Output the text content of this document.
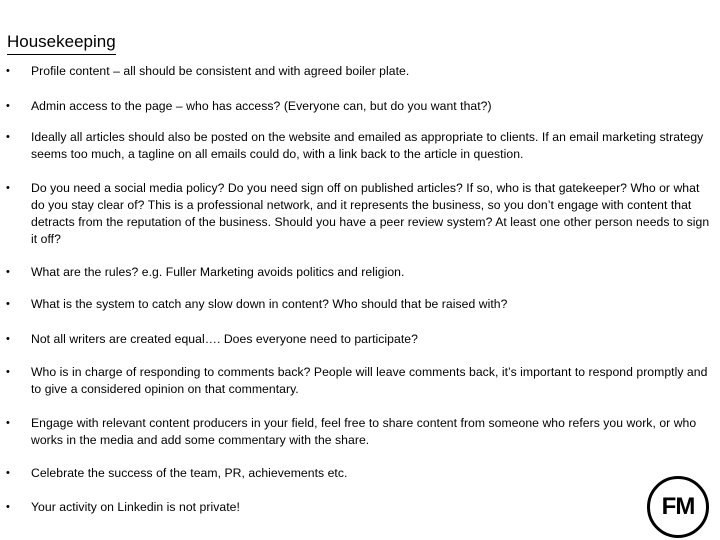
Housekeeping
• Profile content – all should be consistent and with agreed boiler plate.
• Admin access to the page – who has access? (Everyone can, but do you want that?)
• Ideally all articles should also be posted on the website and emailed as appropriate to clients. If an email marketing strategy seems too much, a tagline on all emails could do, with a link back to the article in question.
• Do you need a social media policy? Do you need sign off on published articles? If so, who is that gatekeeper? Who or what do you stay clear of? This is a professional network, and it represents the business, so you don’t engage with content that detracts from the reputation of the business. Should you have a peer review system? At least one other person needs to sign it off?
• What are the rules? e.g. Fuller Marketing avoids politics and religion.
• What is the system to catch any slow down in content? Who should that be raised with?
• Not all writers are created equal…. Does everyone need to participate?
• Who is in charge of responding to comments back? People will leave comments back, it’s important to respond promptly and to give a considered opinion on that commentary.
• Engage with relevant content producers in your field, feel free to share content from someone who refers you work, or who works in the media and add some commentary with the share.
• Celebrate the success of the team, PR, achievements etc.
• Your activity on Linkedin is not private!	FM
